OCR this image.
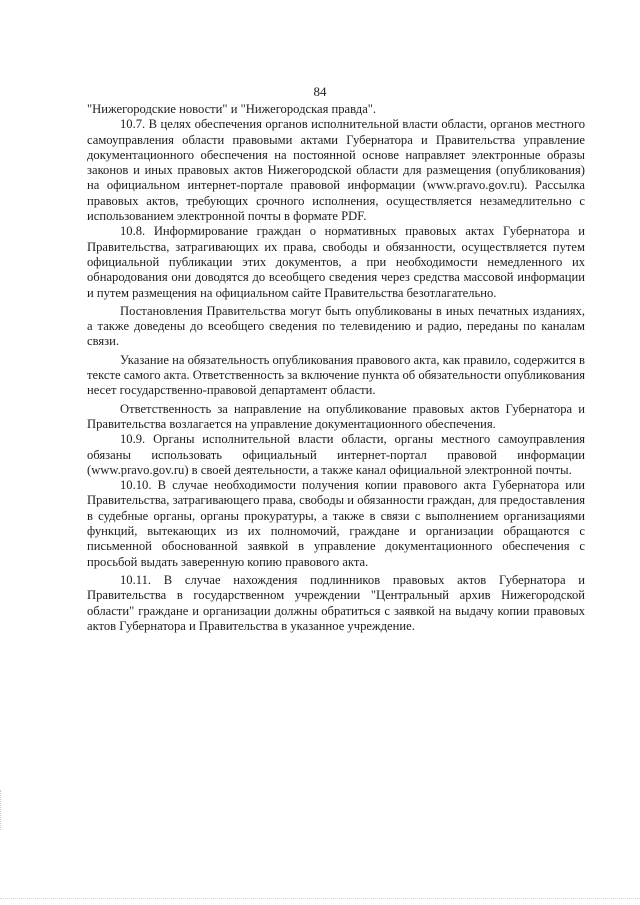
84

"Нижегородские новости" и "Нижегородская правда".

10.7. В целях обеспечения органов исполнительной власти области, органов местного самоуправления области правовыми актами Губернатора и Правительства управление документационного обеспечения на постоянной основе направляет электронные образы законов и иных правовых актов Нижегородской области для размещения (опубликования) на официальном интернет-портале правовой информации (www.pravo.gov.ru). Рассылка правовых актов, требующих срочного исполнения, осуществляется незамедлительно с использованием электронной почты в формате PDF.

10.8. Информирование граждан о нормативных правовых актах Губернатора и Правительства, затрагивающих их права, свободы и обязанности, осуществляется путем официальной публикации этих документов, а при необходимости немедленного их обнародования они доводятся до всеобщего сведения через средства массовой информации и путем размещения на официальном сайте Правительства безотлагательно.

Постановления Правительства могут быть опубликованы в иных печатных изданиях, а также доведены до всеобщего сведения по телевидению и радио, переданы по каналам связи.

Указание на обязательность опубликования правового акта, как правило, содержится в тексте самого акта. Ответственность за включение пункта об обязательности опубликования несет государственно-правовой департамент области.

Ответственность за направление на опубликование правовых актов Губернатора и Правительства возлагается на управление документационного обеспечения.

10.9. Органы исполнительной власти области, органы местного самоуправления обязаны использовать официальный интернет-портал правовой информации (www.pravo.gov.ru) в своей деятельности, а также канал официальной электронной почты.

10.10. В случае необходимости получения копии правового акта Губернатора или Правительства, затрагивающего права, свободы и обязанности граждан, для предоставления в судебные органы, органы прокуратуры, а также в связи с выполнением организациями функций, вытекающих из их полномочий, граждане и организации обращаются с письменной обоснованной заявкой в управление документационного обеспечения с просьбой выдать заверенную копию правового акта.

10.11. В случае нахождения подлинников правовых актов Губернатора и Правительства в государственном учреждении "Центральный архив Нижегородской области" граждане и организации должны обратиться с заявкой на выдачу копии правовых актов Губернатора и Правительства в указанное учреждение.
